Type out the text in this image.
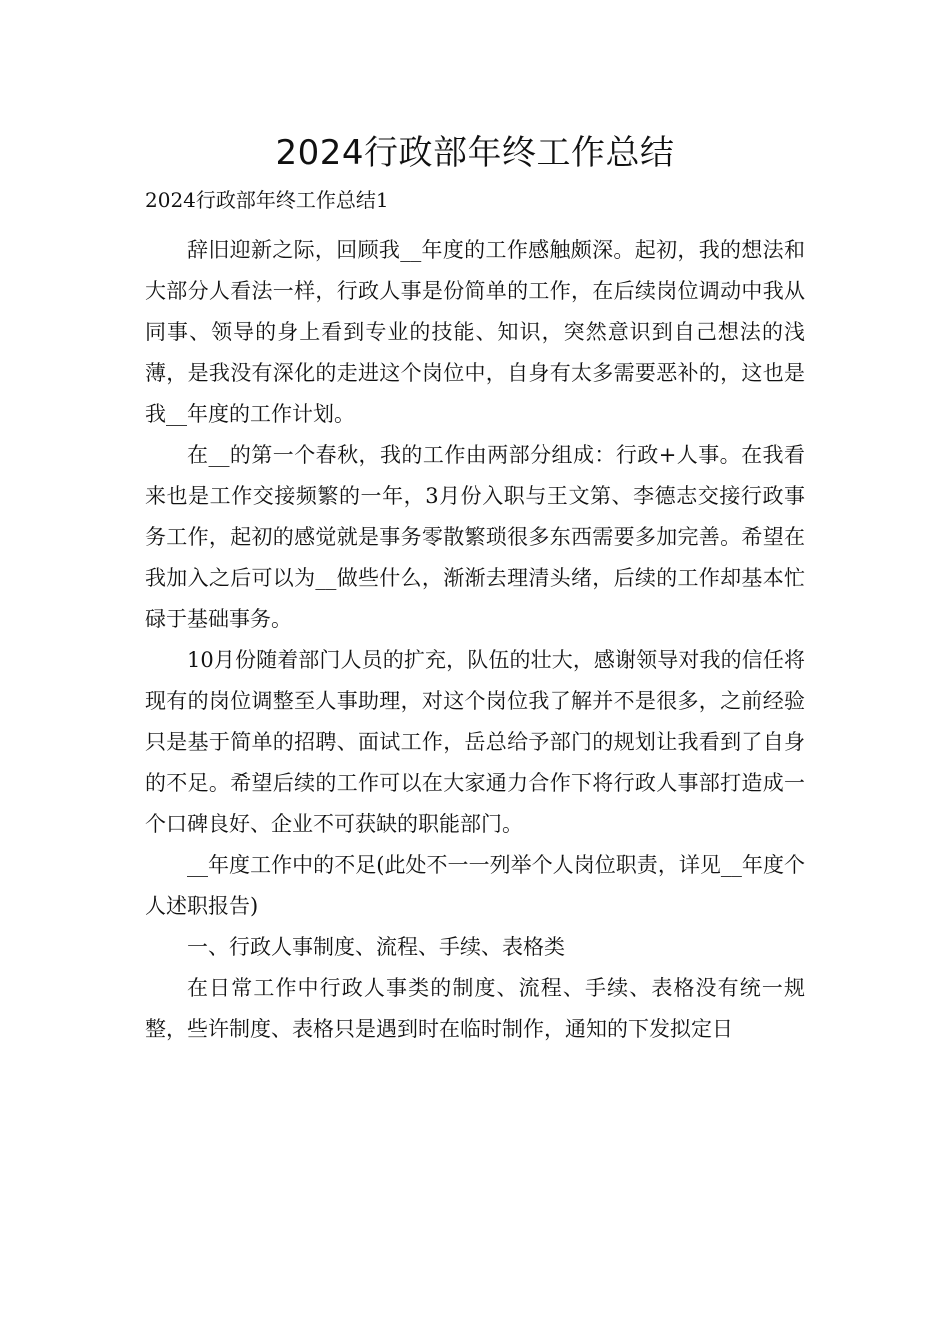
2024行政部年终工作总结

2024行政部年终工作总结1

辞旧迎新之际，回顾我__年度的工作感触颇深。起初，我的想法和大部分人看法一样，行政人事是份简单的工作，在后续岗位调动中我从同事、领导的身上看到专业的技能、知识，突然意识到自己想法的浅薄，是我没有深化的走进这个岗位中，自身有太多需要恶补的，这也是我__年度的工作计划。

在__的第一个春秋，我的工作由两部分组成：行政+人事。在我看来也是工作交接频繁的一年，3月份入职与王文第、李德志交接行政事务工作，起初的感觉就是事务零散繁琐很多东西需要多加完善。希望在我加入之后可以为__做些什么，渐渐去理清头绪，后续的工作却基本忙碌于基础事务。

10月份随着部门人员的扩充，队伍的壮大，感谢领导对我的信任将现有的岗位调整至人事助理，对这个岗位我了解并不是很多，之前经验只是基于简单的招聘、面试工作，岳总给予部门的规划让我看到了自身的不足。希望后续的工作可以在大家通力合作下将行政人事部打造成一个口碑良好、企业不可获缺的职能部门。

__年度工作中的不足(此处不一一列举个人岗位职责，详见__年度个人述职报告)

一、行政人事制度、流程、手续、表格类

在日常工作中行政人事类的制度、流程、手续、表格没有统一规整，些许制度、表格只是遇到时在临时制作，通知的下发拟定日
